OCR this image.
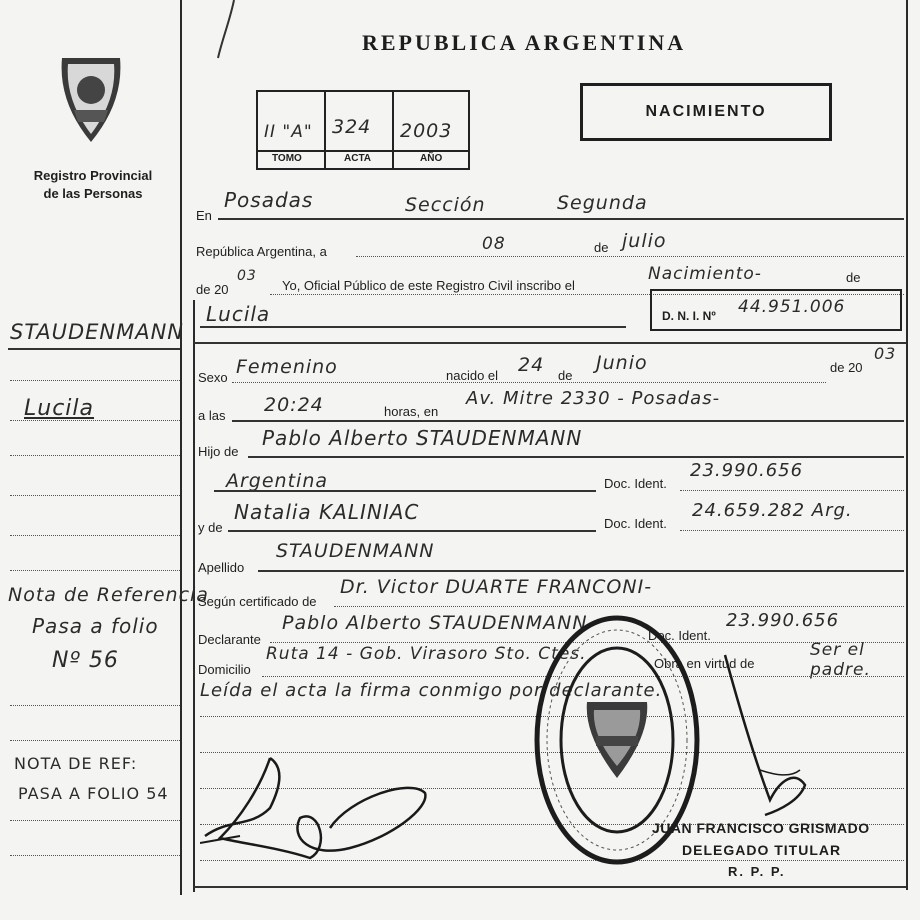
Registro Provincial
de las Personas
STAUDENMANN
Lucila
Nota de Referencia
Pasa a folio
Nº 56
NOTA DE REF:
PASA A FOLIO 54
REPUBLICA ARGENTINA
NACIMIENTO
II "A" 324 2003
TOMO	ACTA	AÑO
En
Posadas	Sección	Segunda
República Argentina, a	08	de julio
de 20
03
Yo, Oficial Público de este Registro Civil inscribo el
Nacimiento-	de
Lucila	D. N. I. Nº 44.951.006
Sexo Femenino	nacido el 24 de
Junio	de 20
03
a las 20:24	horas, en
Av. Mitre 2330 - Posadas-
Hijo de
Pablo Alberto STAUDENMANN
Argentina	Doc. Ident.
23.990.656
y de
Natalia KALINIAC	Doc. Ident.
24.659.282 Arg.
Apellido
STAUDENMANN
Según certificado de
Dr. Victor DUARTE FRANCONI-
Declarante
Pablo Alberto STAUDENMANN
Doc. Ident.
23.990.656
Domicilio
Ruta 14 - Gob. Virasoro Sto. Ctes.	Obra en virtud de
Ser el padre.
Leída el acta la firma conmigo por declarante.
JUAN FRANCISCO GRISMADO
DELEGADO TITULAR
R. P. P.
